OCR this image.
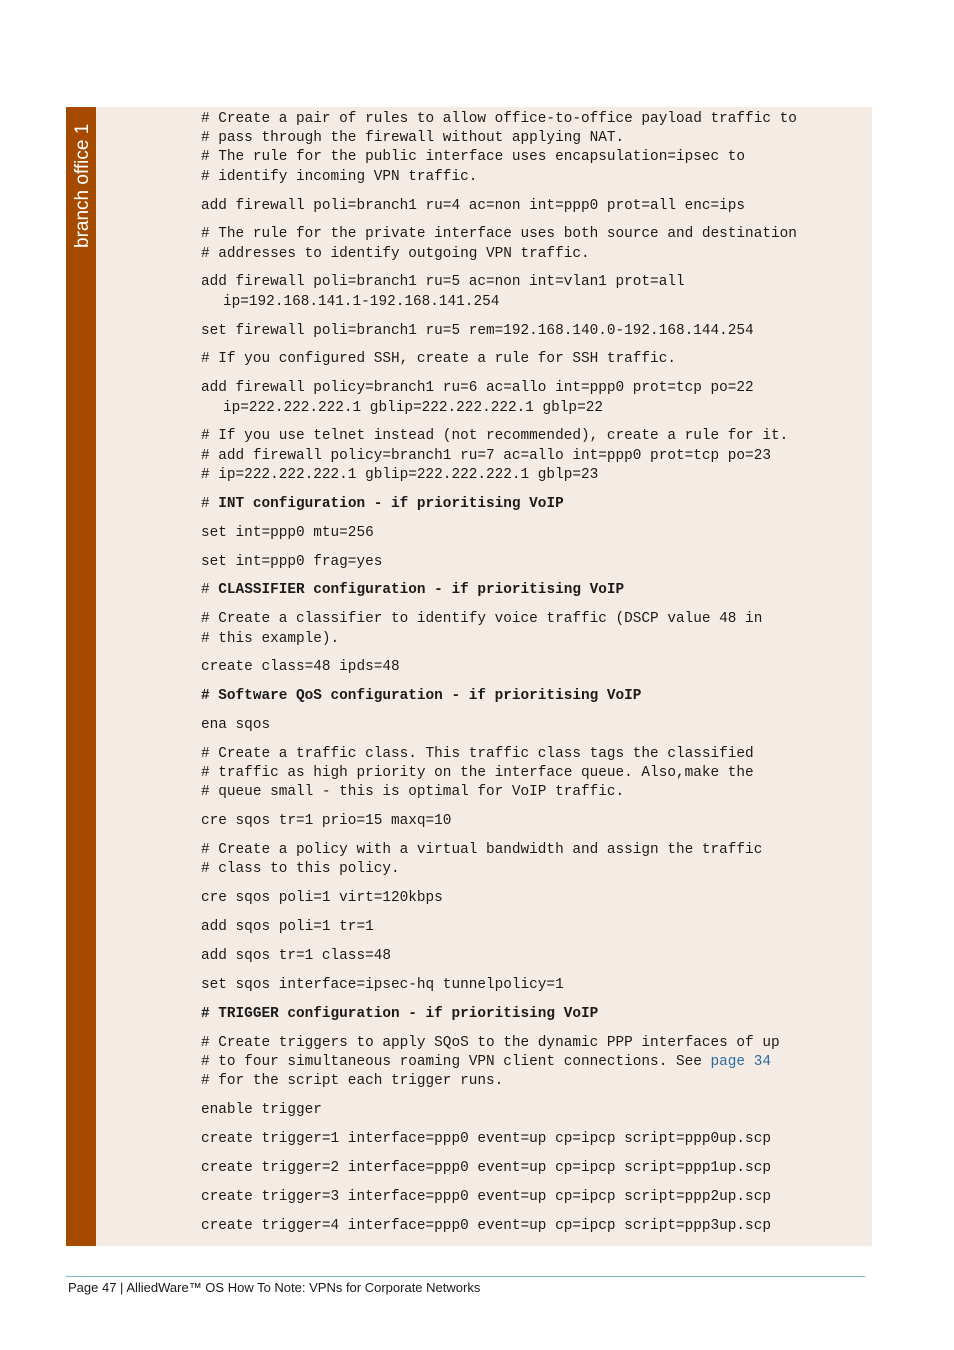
branch office 1
# Create a pair of rules to allow office-to-office payload traffic to
# pass through the firewall without applying NAT.
# The rule for the public interface uses encapsulation=ipsec to
# identify incoming VPN traffic.
add firewall poli=branch1 ru=4 ac=non int=ppp0 prot=all enc=ips
# The rule for the private interface uses both source and destination
# addresses to identify outgoing VPN traffic.
add firewall poli=branch1 ru=5 ac=non int=vlan1 prot=all
ip=192.168.141.1-192.168.141.254
set firewall poli=branch1 ru=5 rem=192.168.140.0-192.168.144.254
# If you configured SSH, create a rule for SSH traffic.
add firewall policy=branch1 ru=6 ac=allo int=ppp0 prot=tcp po=22
ip=222.222.222.1 gblip=222.222.222.1 gblp=22
# If you use telnet instead (not recommended), create a rule for it.
# add firewall policy=branch1 ru=7 ac=allo int=ppp0 prot=tcp po=23
# ip=222.222.222.1 gblip=222.222.222.1 gblp=23
# INT configuration - if prioritising VoIP
set int=ppp0 mtu=256
set int=ppp0 frag=yes
# CLASSIFIER configuration - if prioritising VoIP
# Create a classifier to identify voice traffic (DSCP value 48 in
# this example).
create class=48 ipds=48
# Software QoS configuration - if prioritising VoIP
ena sqos
# Create a traffic class. This traffic class tags the classified
# traffic as high priority on the interface queue. Also,make the
# queue small - this is optimal for VoIP traffic.
cre sqos tr=1 prio=15 maxq=10
# Create a policy with a virtual bandwidth and assign the traffic
# class to this policy.
cre sqos poli=1 virt=120kbps
add sqos poli=1 tr=1
add sqos tr=1 class=48
set sqos interface=ipsec-hq tunnelpolicy=1
# TRIGGER configuration - if prioritising VoIP
# Create triggers to apply SQoS to the dynamic PPP interfaces of up
# to four simultaneous roaming VPN client connections. See page 34
# for the script each trigger runs.
enable trigger
create trigger=1 interface=ppp0 event=up cp=ipcp script=ppp0up.scp
create trigger=2 interface=ppp0 event=up cp=ipcp script=ppp1up.scp
create trigger=3 interface=ppp0 event=up cp=ipcp script=ppp2up.scp
create trigger=4 interface=ppp0 event=up cp=ipcp script=ppp3up.scp
Page 47 | AlliedWare™ OS How To Note: VPNs for Corporate Networks
